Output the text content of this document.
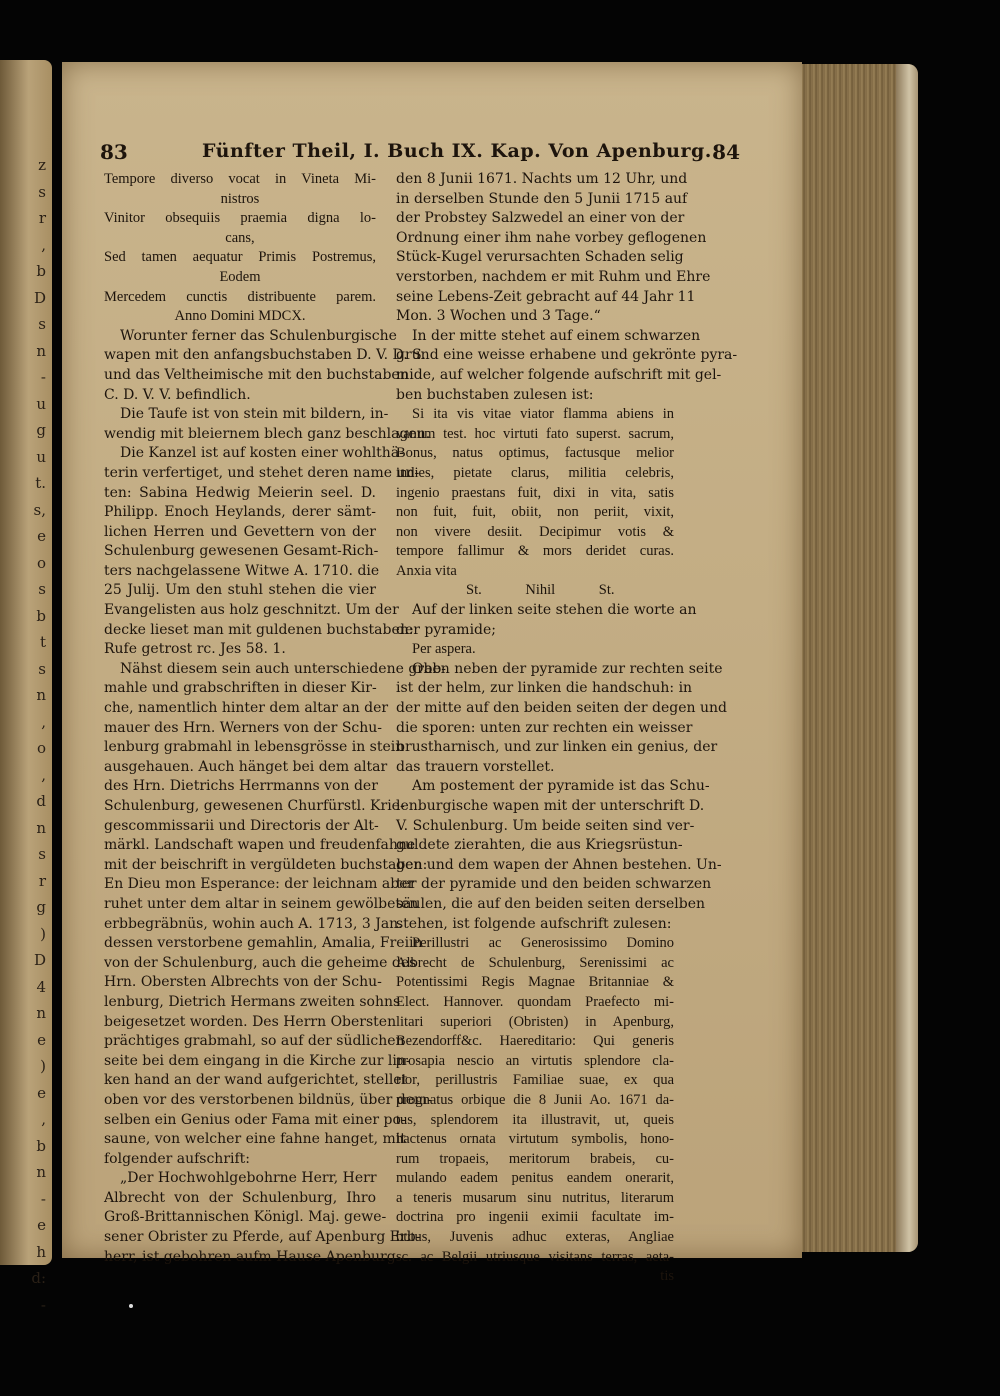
z
s
r
,
b
D
s
n
-
u
g
u
t.
s,
e
o
s
b
t
s
n
,
o
,
d
n
s
r
g
)
D
4
n
e
)
e
,
b
n
-
e
h
d:
-
83	Fünfter Theil, I. Buch IX. Kap. Von Apenburg. 84
Tempore diverso vocat in Vineta Mi-
nistros
Vinitor obsequiis praemia digna lo-
cans,
Sed tamen aequatur Primis Postremus,
Eodem
Mercedem cunctis distribuente parem.
Anno Domini MDCX.
Worunter ferner das Schulenburgische
wapen mit den anfangsbuchstaben D. V. D. S.
und das Veltheimische mit den buchstaben
C. D. V. V. befindlich.
Die Taufe ist von stein mit bildern, in-
wendig mit bleiernem blech ganz beschlagen.
Die Kanzel ist auf kosten einer wohlthä-
terin verfertiget, und stehet deren name un-
ten: Sabina Hedwig Meierin seel. D.
Philipp. Enoch Heylands, derer sämt-
lichen Herren und Gevettern von der
Schulenburg gewesenen Gesamt-Rich-
ters nachgelassene Witwe A. 1710. die
25 Julij. Um den stuhl stehen die vier
Evangelisten aus holz geschnitzt. Um der
decke lieset man mit guldenen buchstaben:
Rufe getrost rc. Jes 58. 1.
Nähst diesem sein auch unterschiedene grab-
mahle und grabschriften in dieser Kir-
che, namentlich hinter dem altar an der
mauer des Hrn. Werners von der Schu-
lenburg grabmahl in lebensgrösse in stein
ausgehauen. Auch hänget bei dem altar
des Hrn. Dietrichs Herrmanns von der
Schulenburg, gewesenen Churfürstl. Krie-
gescommissarii und Directoris der Alt-
märkl. Landschaft wapen und freudenfahne
mit der beischrift in vergüldeten buchstaben:
En Dieu mon Esperance: der leichnam aber
ruhet unter dem altar in seinem gewölbeten
erbbegräbnüs, wohin auch A. 1713, 3 Jan.
dessen verstorbene gemahlin, Amalia, Freiin
von der Schulenburg, auch die geheime des
Hrn. Obersten Albrechts von der Schu-
lenburg, Dietrich Hermans zweiten sohns
beigesetzet worden. Des Herrn Obersten
prächtiges grabmahl, so auf der südlichen
seite bei dem eingang in die Kirche zur lin-
ken hand an der wand aufgerichtet, stellet
oben vor des verstorbenen bildnüs, über dem-
selben ein Genius oder Fama mit einer po-
saune, von welcher eine fahne hanget, mit
folgender aufschrift:
„Der Hochwohlgebohrne Herr, Herr
Albrecht von der Schulenburg, Ihro
Groß-Brittannischen Königl. Maj. gewe-
sener Obrister zu Pferde, auf Apenburg Erb-
herr, ist gebohren aufm Hause Apenburg
den 8 Junii 1671. Nachts um 12 Uhr, und
in derselben Stunde den 5 Junii 1715 auf
der Probstey Salzwedel an einer von der
Ordnung einer ihm nahe vorbey geflogenen
Stück-Kugel verursachten Schaden selig
verstorben, nachdem er mit Ruhm und Ehre
seine Lebens-Zeit gebracht auf 44 Jahr 11
Mon. 3 Wochen und 3 Tage.“
In der mitte stehet auf einem schwarzen
grund eine weisse erhabene und gekrönte pyra-
mide, auf welcher folgende aufschrift mit gel-
ben buchstaben zulesen ist:
Si ita vis vitae viator flamma abiens in
vanum test. hoc virtuti fato superst. sacrum,
Bonus, natus optimus, factusque melior
indies, pietate clarus, militia celebris,
ingenio praestans fuit, dixi in vita, satis
non fuit, fuit, obiit, non periit, vixit,
non vivere desiit. Decipimur votis &
tempore fallimur & mors deridet curas.
Anxia vita
St. Nihil St.
Auf der linken seite stehen die worte an
der pyramide;
Per aspera.
Oben neben der pyramide zur rechten seite
ist der helm, zur linken die handschuh: in
der mitte auf den beiden seiten der degen und
die sporen: unten zur rechten ein weisser
brustharnisch, und zur linken ein genius, der
das trauern vorstellet.
Am postement der pyramide ist das Schu-
lenburgische wapen mit der unterschrift D.
V. Schulenburg. Um beide seiten sind ver-
guldete zierahten, die aus Kriegsrüstun-
gen und dem wapen der Ahnen bestehen. Un-
ter der pyramide und den beiden schwarzen
säulen, die auf den beiden seiten derselben
stehen, ist folgende aufschrift zulesen:
Perillustri ac Generosissimo Domino
Albrecht de Schulenburg, Serenissimi ac
Potentissimi Regis Magnae Britanniae &
Elect. Hannover. quondam Praefecto mi-
litari superiori (Obristen) in Apenburg,
Bezendorff&c. Haereditario: Qui generis
prosapia nescio an virtutis splendore cla-
rior, perillustris Familiae suae, ex qua
prognatus orbique die 8 Junii Ao. 1671 da-
tus, splendorem ita illustravit, ut, queis
hactenus ornata virtutum symbolis, hono-
rum tropaeis, meritorum brabeis, cu-
mulando eadem penitus eandem onerarit,
a teneris musarum sinu nutritus, literarum
doctrina pro ingenii eximii facultate im-
butus, Juvenis adhuc exteras, Angliae
sc. ac Belgii utriusque visitans terras, aeta-
tis
